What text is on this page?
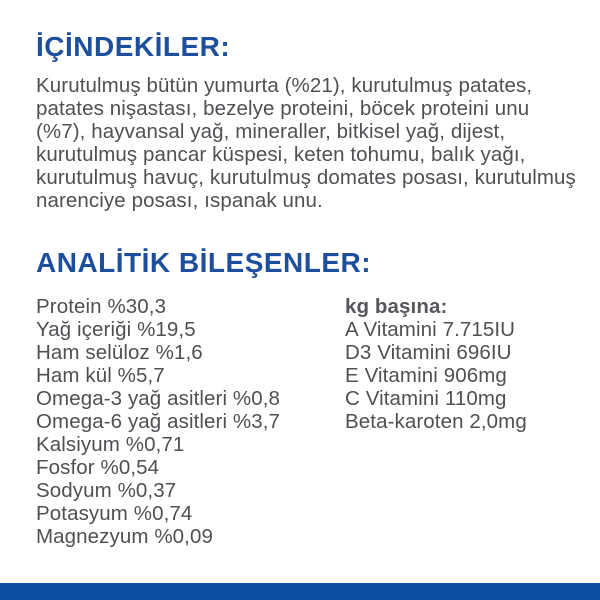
İÇİNDEKİLER:

Kurutulmuş bütün yumurta (%21), kurutulmuş patates, patates nişastası, bezelye proteini, böcek proteini unu (%7), hayvansal yağ, mineraller, bitkisel yağ, dijest, kurutulmuş pancar küspesi, keten tohumu, balık yağı, kurutulmuş havuç, kurutulmuş domates posası, kurutulmuş narenciye posası, ıspanak unu.

ANALİTİK BİLEŞENLER:
Protein %30,3
Yağ içeriği %19,5
Ham selüloz %1,6
Ham kül %5,7
Omega-3 yağ asitleri %0,8
Omega-6 yağ asitleri %3,7
Kalsiyum %0,71
Fosfor %0,54
Sodyum %0,37
Potasyum %0,74
Magnezyum %0,09
kg başına:
A Vitamini 7.715IU
D3 Vitamini 696IU
E Vitamini 906mg
C Vitamini 110mg
Beta-karoten 2,0mg
